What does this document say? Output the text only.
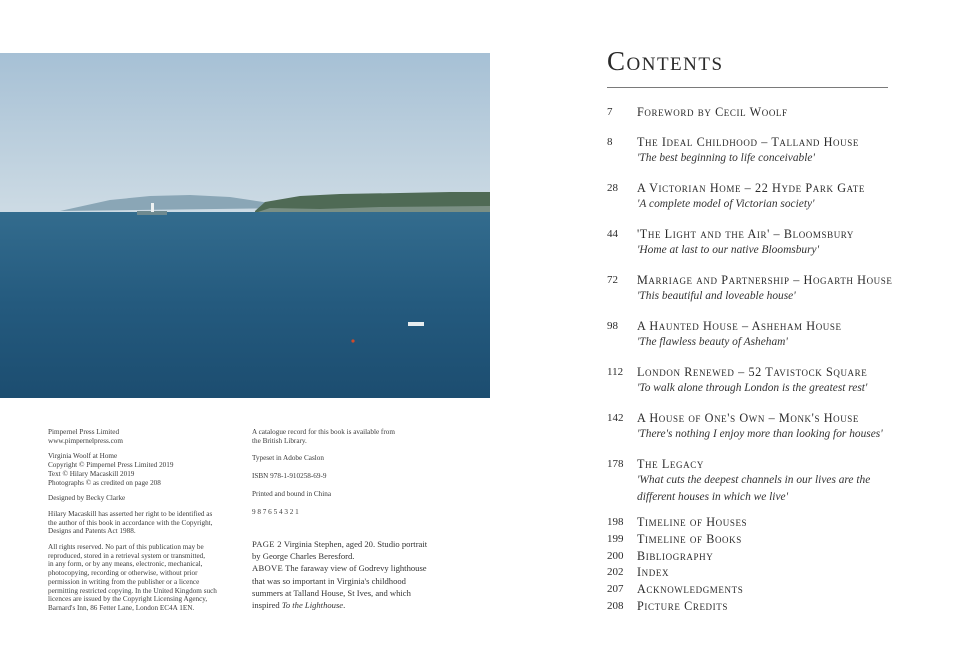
Pimpernel Press Limited
www.pimpernelpress.com

Virginia Woolf at Home
Copyright © Pimpernel Press Limited 2019
Text © Hilary Macaskill 2019
Photographs © as credited on page 208

Designed by Becky Clarke

Hilary Macaskill has asserted her right to be identified as
the author of this book in accordance with the Copyright,
Designs and Patents Act 1988.

All rights reserved. No part of this publication may be
reproduced, stored in a retrieval system or transmitted,
in any form, or by any means, electronic, mechanical,
photocopying, recording or otherwise, without prior
permission in writing from the publisher or a licence
permitting restricted copying. In the United Kingdom such
licences are issued by the Copyright Licensing Agency,
Barnard's Inn, 86 Fetter Lane, London EC4A 1EN.

A catalogue record for this book is available from
the British Library.

Typeset in Adobe Caslon

ISBN 978-1-910258-69-9

Printed and bound in China

9 8 7 6 5 4 3 2 1

PAGE 2 Virginia Stephen, aged 20. Studio portrait by George Charles Beresford.
ABOVE The faraway view of Godrevy lighthouse that was so important in Virginia's childhood summers at Talland House, St Ives, and which inspired To the Lighthouse.
Contents
7	Foreword by Cecil Woolf
8	The Ideal Childhood – Talland House
'The best beginning to life conceivable'
28	A Victorian Home – 22 Hyde Park Gate
'A complete model of Victorian society'
44	'The Light and the Air' – Bloomsbury
'Home at last to our native Bloomsbury'
72	Marriage and Partnership – Hogarth House
'This beautiful and loveable house'
98	A Haunted House – Asheham House
'The flawless beauty of Asheham'
112	London Renewed – 52 Tavistock Square
'To walk alone through London is the greatest rest'
142	A House of One's Own – Monk's House
'There's nothing I enjoy more than looking for houses'
178	The Legacy
'What cuts the deepest channels in our lives are the different houses in which we live'
198	Timeline of Houses
199	Timeline of Books
200	Bibliography
202	Index
207	Acknowledgments
208	Picture Credits
